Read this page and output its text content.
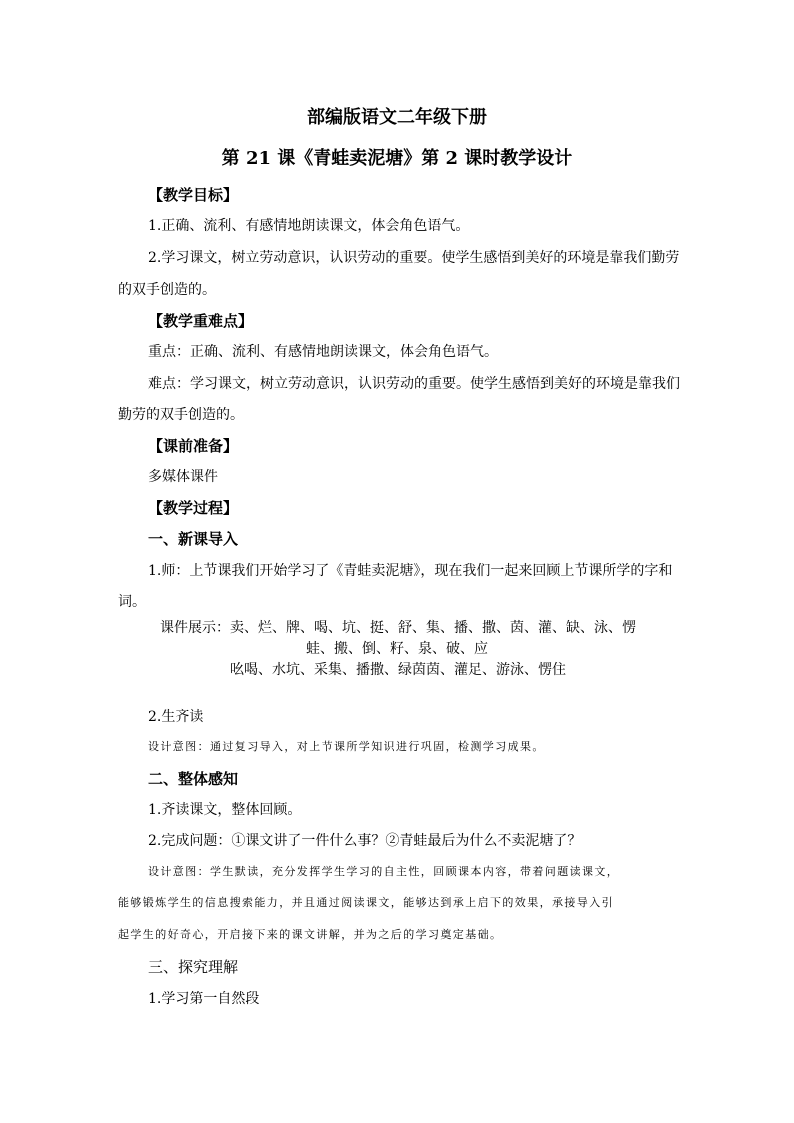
部编版语文二年级下册
第 21 课《青蛙卖泥塘》第 2 课时教学设计
【教学目标】
1.正确、流利、有感情地朗读课文，体会角色语气。
2.学习课文，树立劳动意识，认识劳动的重要。使学生感悟到美好的环境是靠我们勤劳
的双手创造的。
【教学重难点】
重点：正确、流利、有感情地朗读课文，体会角色语气。
难点：学习课文，树立劳动意识，认识劳动的重要。使学生感悟到美好的环境是靠我们
勤劳的双手创造的。
【课前准备】
多媒体课件
【教学过程】
一、新课导入
1.师：上节课我们开始学习了《青蛙卖泥塘》，现在我们一起来回顾上节课所学的字和
词。
课件展示：卖、烂、牌、喝、坑、挺、舒、集、播、撒、茵、灌、缺、泳、愣
蛙、搬、倒、籽、泉、破、应
吆喝、水坑、采集、播撒、绿茵茵、灌足、游泳、愣住
2.生齐读
设计意图：通过复习导入，对上节课所学知识进行巩固，检测学习成果。
二、整体感知
1.齐读课文，整体回顾。
2.完成问题：①课文讲了一件什么事？②青蛙最后为什么不卖泥塘了？
设计意图：学生默读，充分发挥学生学习的自主性，回顾课本内容，带着问题读课文，
能够锻炼学生的信息搜索能力，并且通过阅读课文，能够达到承上启下的效果，承接导入引
起学生的好奇心，开启接下来的课文讲解，并为之后的学习奠定基础。
三、探究理解
1.学习第一自然段
